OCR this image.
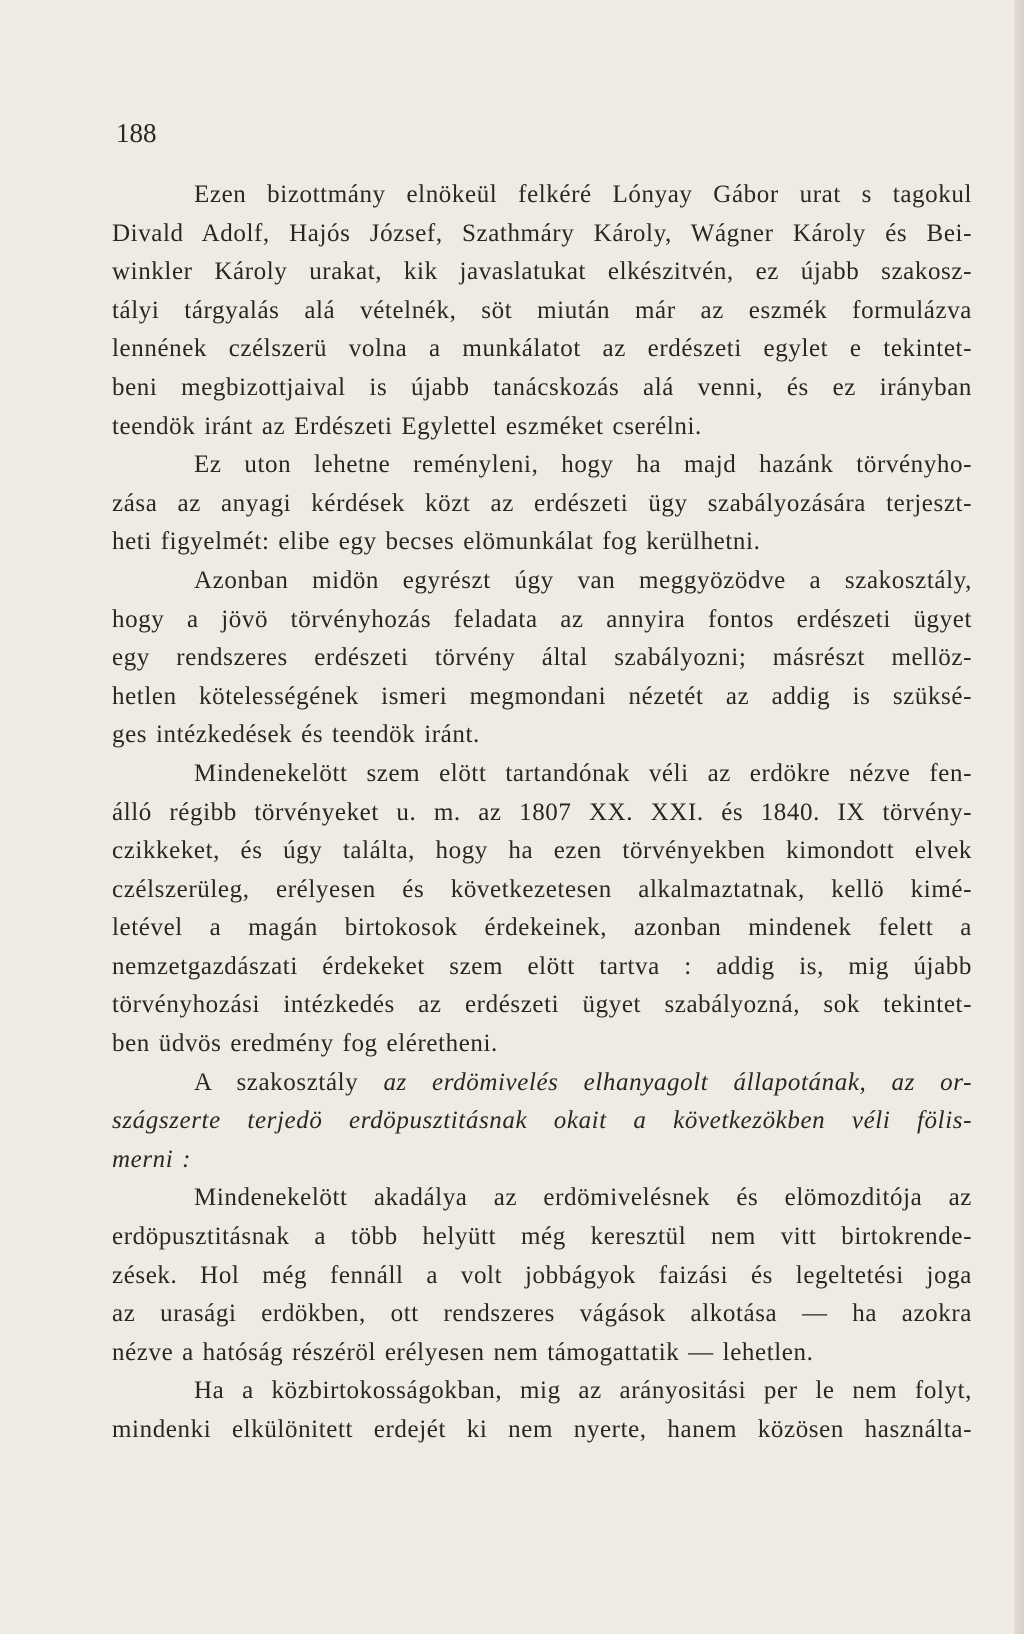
188

Ezen bizottmány elnökeül felkéré Lónyay Gábor urat s tagokul
Divald Adolf, Hajós József, Szathmáry Károly, Wágner Károly és Bei-
winkler Károly urakat, kik javaslatukat elkészitvén, ez újabb szakosz-
tályi tárgyalás alá vételnék, söt miután már az eszmék formulázva
lennének czélszerü volna a munkálatot az erdészeti egylet e tekintet-
beni megbizottjaival is újabb tanácskozás alá venni, és ez irányban
teendök iránt az Erdészeti Egylettel eszméket cserélni.
Ez uton lehetne reményleni, hogy ha majd hazánk törvényho-
zása az anyagi kérdések közt az erdészeti ügy szabályozására terjeszt-
heti figyelmét: elibe egy becses elömunkálat fog kerülhetni.
Azonban midön egyrészt úgy van meggyözödve a szakosztály,
hogy a jövö törvényhozás feladata az annyira fontos erdészeti ügyet
egy rendszeres erdészeti törvény által szabályozni; másrészt mellöz-
hetlen kötelességének ismeri megmondani nézetét az addig is szüksé-
ges intézkedések és teendök iránt.
Mindenekelött szem elött tartandónak véli az erdökre nézve fen-
álló régibb törvényeket u. m. az 1807 XX. XXI. és 1840. IX törvény-
czikkeket, és úgy találta, hogy ha ezen törvényekben kimondott elvek
czélszerüleg, erélyesen és következetesen alkalmaztatnak, kellö kimé-
letével a magán birtokosok érdekeinek, azonban mindenek felett a
nemzetgazdászati érdekeket szem elött tartva : addig is, mig újabb
törvényhozási intézkedés az erdészeti ügyet szabályozná, sok tekintet-
ben üdvös eredmény fog eléretheni.
A szakosztály az erdömivelés elhanyagolt állapotának, az or-
szágszerte terjedö erdöpusztitásnak okait a következökben véli fölis-
merni :
Mindenekelött akadálya az erdömivelésnek és elömozditója az
erdöpusztitásnak a több helyütt még keresztül nem vitt birtokrende-
zések. Hol még fennáll a volt jobbágyok faizási és legeltetési joga
az urasági erdökben, ott rendszeres vágások alkotása — ha azokra
nézve a hatóság részéröl erélyesen nem támogattatik — lehetlen.
Ha a közbirtokosságokban, mig az arányositási per le nem folyt,
mindenki elkülönitett erdejét ki nem nyerte, hanem közösen használta-
